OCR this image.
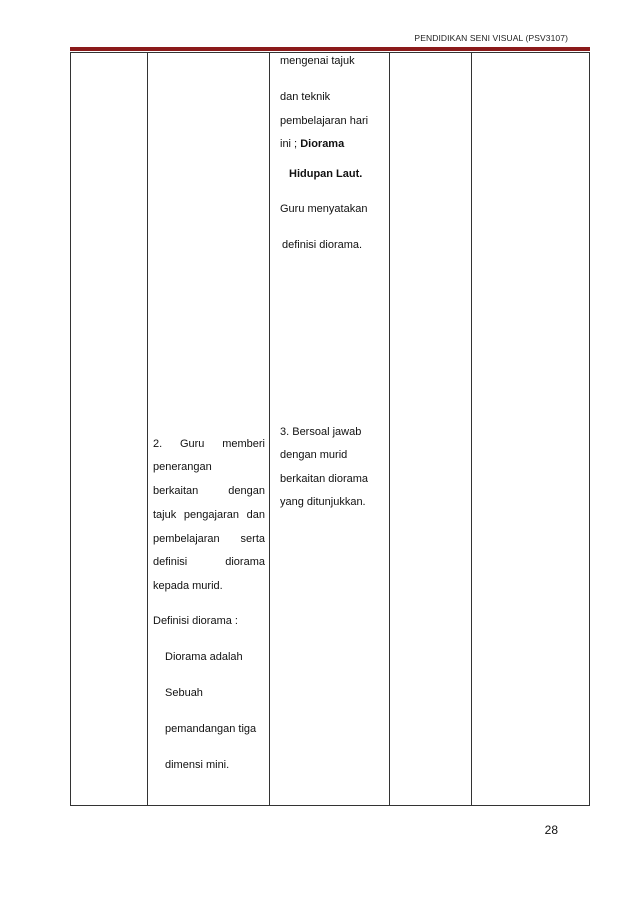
PENDIDIKAN SENI VISUAL (PSV3107)
mengenai tajuk
dan teknik
pembelajaran hari
ini ; Diorama
Hidupan Laut.
Guru menyatakan
definisi diorama.
3. Bersoal jawab
dengan murid
berkaitan diorama
yang ditunjukkan.
2. Guru memberi
penerangan
berkaitan dengan
tajuk pengajaran dan
pembelajaran serta
definisi diorama
kepada murid.
Definisi diorama :
Diorama adalah
Sebuah
pemandangan tiga
dimensi mini.
28
